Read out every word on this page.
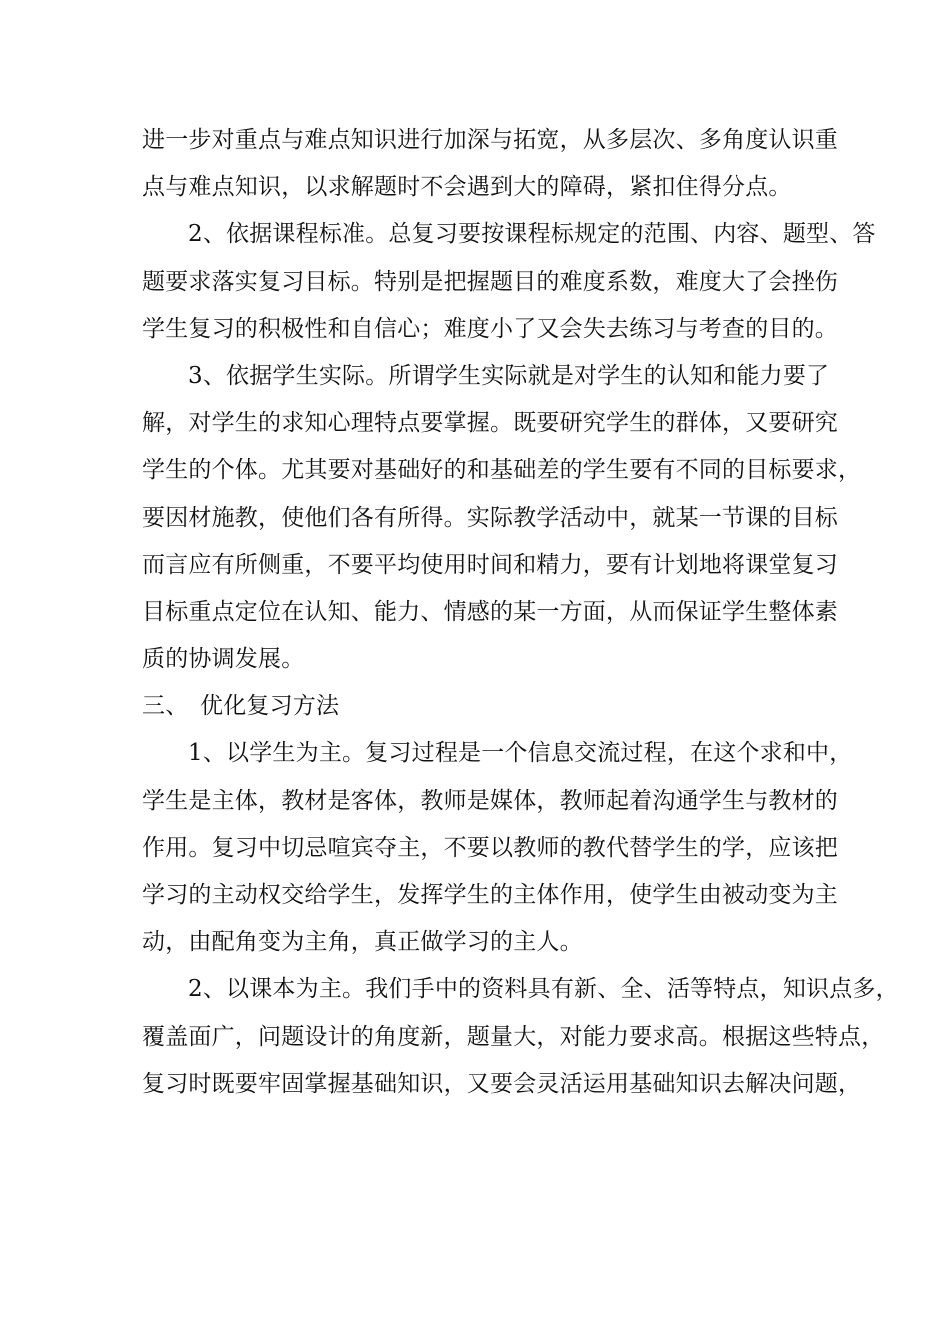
进一步对重点与难点知识进行加深与拓宽，从多层次、多角度认识重
点与难点知识，以求解题时不会遇到大的障碍，紧扣住得分点。
2、依据课程标准。总复习要按课程标规定的范围、内容、题型、答
题要求落实复习目标。特别是把握题目的难度系数，难度大了会挫伤
学生复习的积极性和自信心；难度小了又会失去练习与考查的目的。
3、依据学生实际。所谓学生实际就是对学生的认知和能力要了
解，对学生的求知心理特点要掌握。既要研究学生的群体，又要研究
学生的个体。尤其要对基础好的和基础差的学生要有不同的目标要求，
要因材施教，使他们各有所得。实际教学活动中，就某一节课的目标
而言应有所侧重，不要平均使用时间和精力，要有计划地将课堂复习
目标重点定位在认知、能力、情感的某一方面，从而保证学生整体素
质的协调发展。
三、 优化复习方法
1、以学生为主。复习过程是一个信息交流过程，在这个求和中，
学生是主体，教材是客体，教师是媒体，教师起着沟通学生与教材的
作用。复习中切忌喧宾夺主，不要以教师的教代替学生的学，应该把
学习的主动权交给学生，发挥学生的主体作用，使学生由被动变为主
动，由配角变为主角，真正做学习的主人。
2、以课本为主。我们手中的资料具有新、全、活等特点，知识点多，
覆盖面广，问题设计的角度新，题量大，对能力要求高。根据这些特点，
复习时既要牢固掌握基础知识，又要会灵活运用基础知识去解决问题，
